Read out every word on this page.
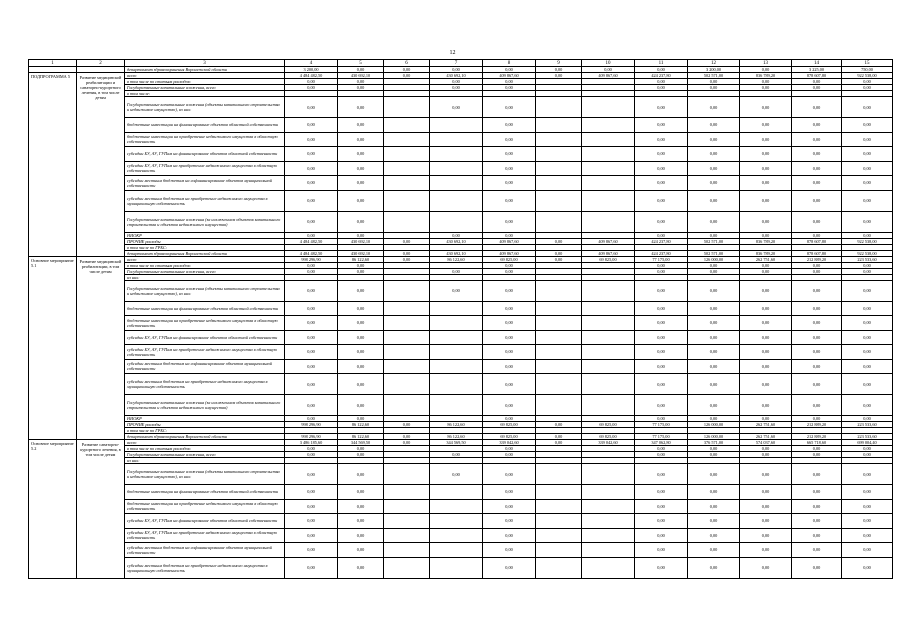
12
1	2	3	4	5	6	7	8	9	10	11	12	13	14	15	
		департамент здравоохранения Воронежской области	3 200,00	0,00	0,00	0,00	0,00	0,00	0,00	0,00	3 200,00	0,00	3 225,00	750,00	
ПОДПРОГРАММА 5	Развитие медицинской реабилитации и санаторно-курортного лечения, в том числе детям	всего	4 484 482,50	430 692,10	0,00	430 692,10	409 867,60	0,00	409 867,60	424 237,80	502 571,00	836 789,20	878 607,80	922 538,00	
		в том числе по статьям расходов:	0,00	0,00		0,00	0,00			0,00	0,00	0,00	0,00	0,00	
		Государственные капитальные вложения, всего	0,00	0,00		0,00	0,00			0,00	0,00	0,00	0,00	0,00	
		в том числе:													
		Государственные капитальные вложения (объекты капитального строительства и недвижимое имущество), из них:	0,00	0,00		0,00	0,00			0,00	0,00	0,00	0,00	0,00	
		бюджетные инвестиции на финансирование объектов областной собственности	0,00	0,00			0,00			0,00	0,00	0,00	0,00	0,00	
		бюджетные инвестиции на приобретение недвижимого имущества в областную собственность	0,00	0,00			0,00			0,00	0,00	0,00	0,00	0,00	
		субсидии БУ, АУ, ГУПам на финансирование объектов областной собственности	0,00	0,00			0,00			0,00	0,00	0,00	0,00	0,00	
		субсидии БУ, АУ, ГУПам на приобретение недвижимого имущества в областную собственность	0,00	0,00			0,00			0,00	0,00	0,00	0,00	0,00	
		субсидии местным бюджетам на софинансирование объектов муниципальной собственности	0,00	0,00			0,00			0,00	0,00	0,00	0,00	0,00	
		субсидии местным бюджетам на приобретение недвижимого имущества в муниципальную собственность	0,00	0,00			0,00			0,00	0,00	0,00	0,00	0,00	
		Государственные капитальные вложения (за исключением объектов капитального строительства и объектов недвижимого имущества)	0,00	0,00			0,00			0,00	0,00	0,00	0,00	0,00	
		НИОКР	0,00	0,00		0,00	0,00			0,00	0,00	0,00	0,00	0,00	
		ПРОЧИЕ расходы	4 484 482,50	430 692,10	0,00	430 692,10	409 867,60	0,00	409 867,60	424 237,80	502 571,00	836 789,20	878 607,80	922 538,00	
		в том числе по ГРБС:													
		департамент здравоохранения Воронежской области	4 484 482,50	430 692,10	0,00	430 692,10	409 867,60	0,00	409 867,60	424 237,80	502 571,00	836 789,20	878 607,80	922 538,00	
Основное мероприятие 5.1	Развитие медицинской реабилитации, в том числе детям	всего	998 296,90	86 122,60	0,00	86 122,60	69 825,00	0,00	69 825,00	77 175,00	126 000,00	262 751,60	212 889,20	223 533,60	
		в том числе по статьям расходов:	0,00	0,00			0,00			0,00	0,00	0,00	0,00	0,00	
		Государственные капитальные вложения, всего	0,00	0,00		0,00	0,00			0,00	0,00	0,00	0,00	0,00	
		из них:													
		Государственные капитальные вложения (объекты капитального строительства и недвижимое имущество), из них:	0,00	0,00		0,00	0,00			0,00	0,00	0,00	0,00	0,00	
		бюджетные инвестиции на финансирование объектов областной собственности	0,00	0,00			0,00			0,00	0,00	0,00	0,00	0,00	
		бюджетные инвестиции на приобретение недвижимого имущества в областную собственность	0,00	0,00			0,00			0,00	0,00	0,00	0,00	0,00	
		субсидии БУ, АУ, ГУПам на финансирование объектов областной собственности	0,00	0,00			0,00			0,00	0,00	0,00	0,00	0,00	
		субсидии БУ, АУ, ГУПам на приобретение недвижимого имущества в областную собственность	0,00	0,00			0,00			0,00	0,00	0,00	0,00	0,00	
		субсидии местным бюджетам на софинансирование объектов муниципальной собственности	0,00	0,00			0,00			0,00	0,00	0,00	0,00	0,00	
		субсидии местным бюджетам на приобретение недвижимого имущества в муниципальную собственность	0,00	0,00			0,00			0,00	0,00	0,00	0,00	0,00	
		Государственные капитальные вложения (за исключением объектов капитального строительства и объектов недвижимого имущества)	0,00	0,00			0,00			0,00	0,00	0,00	0,00	0,00	
		НИОКР	0,00	0,00			0,00			0,00	0,00	0,00	0,00	0,00	
		ПРОЧИЕ расходы	998 296,90	86 122,60	0,00	86 122,60	69 825,00	0,00	69 825,00	77 175,00	126 000,00	262 751,60	212 889,20	223 533,60	
		в том числе по ГРБС:													
		департамент здравоохранения Воронежской области	998 296,90	86 122,60	0,00	86 122,60	69 825,00	0,00	69 825,00	77 175,00	126 000,00	262 751,60	212 889,20	223 533,60	
Основное мероприятие 5.2	Развитие санаторно-курортного лечения, в том числе детям	всего	3 486 185,60	344 569,50	0,00	344 569,50	339 042,60	0,00	339 042,60	347 062,80	376 571,00	574 037,60	665 718,60	699 004,40	
		в том числе по статьям расходов:	0,00	0,00			0,00			0,00	0,00	0,00	0,00	0,00	
		Государственные капитальные вложения, всего	0,00	0,00		0,00	0,00			0,00	0,00	0,00	0,00	0,00	
		из них:													
		Государственные капитальные вложения (объекты капитального строительства и недвижимое имущество), из них:	0,00	0,00		0,00	0,00			0,00	0,00	0,00	0,00	0,00	
		бюджетные инвестиции на финансирование объектов областной собственности	0,00	0,00			0,00			0,00	0,00	0,00	0,00	0,00	
		бюджетные инвестиции на приобретение недвижимого имущества в областную собственность	0,00	0,00			0,00			0,00	0,00	0,00	0,00	0,00	
		субсидии БУ, АУ, ГУПам на финансирование объектов областной собственности	0,00	0,00			0,00			0,00	0,00	0,00	0,00	0,00	
		субсидии БУ, АУ, ГУПам на приобретение недвижимого имущества в областную собственность	0,00	0,00			0,00			0,00	0,00	0,00	0,00	0,00	
		субсидии местным бюджетам на софинансирование объектов муниципальной собственности	0,00	0,00			0,00			0,00	0,00	0,00	0,00	0,00	
		субсидии местным бюджетам на приобретение недвижимого имущества в муниципальную собственность	0,00	0,00			0,00			0,00	0,00	0,00	0,00	0,00	
